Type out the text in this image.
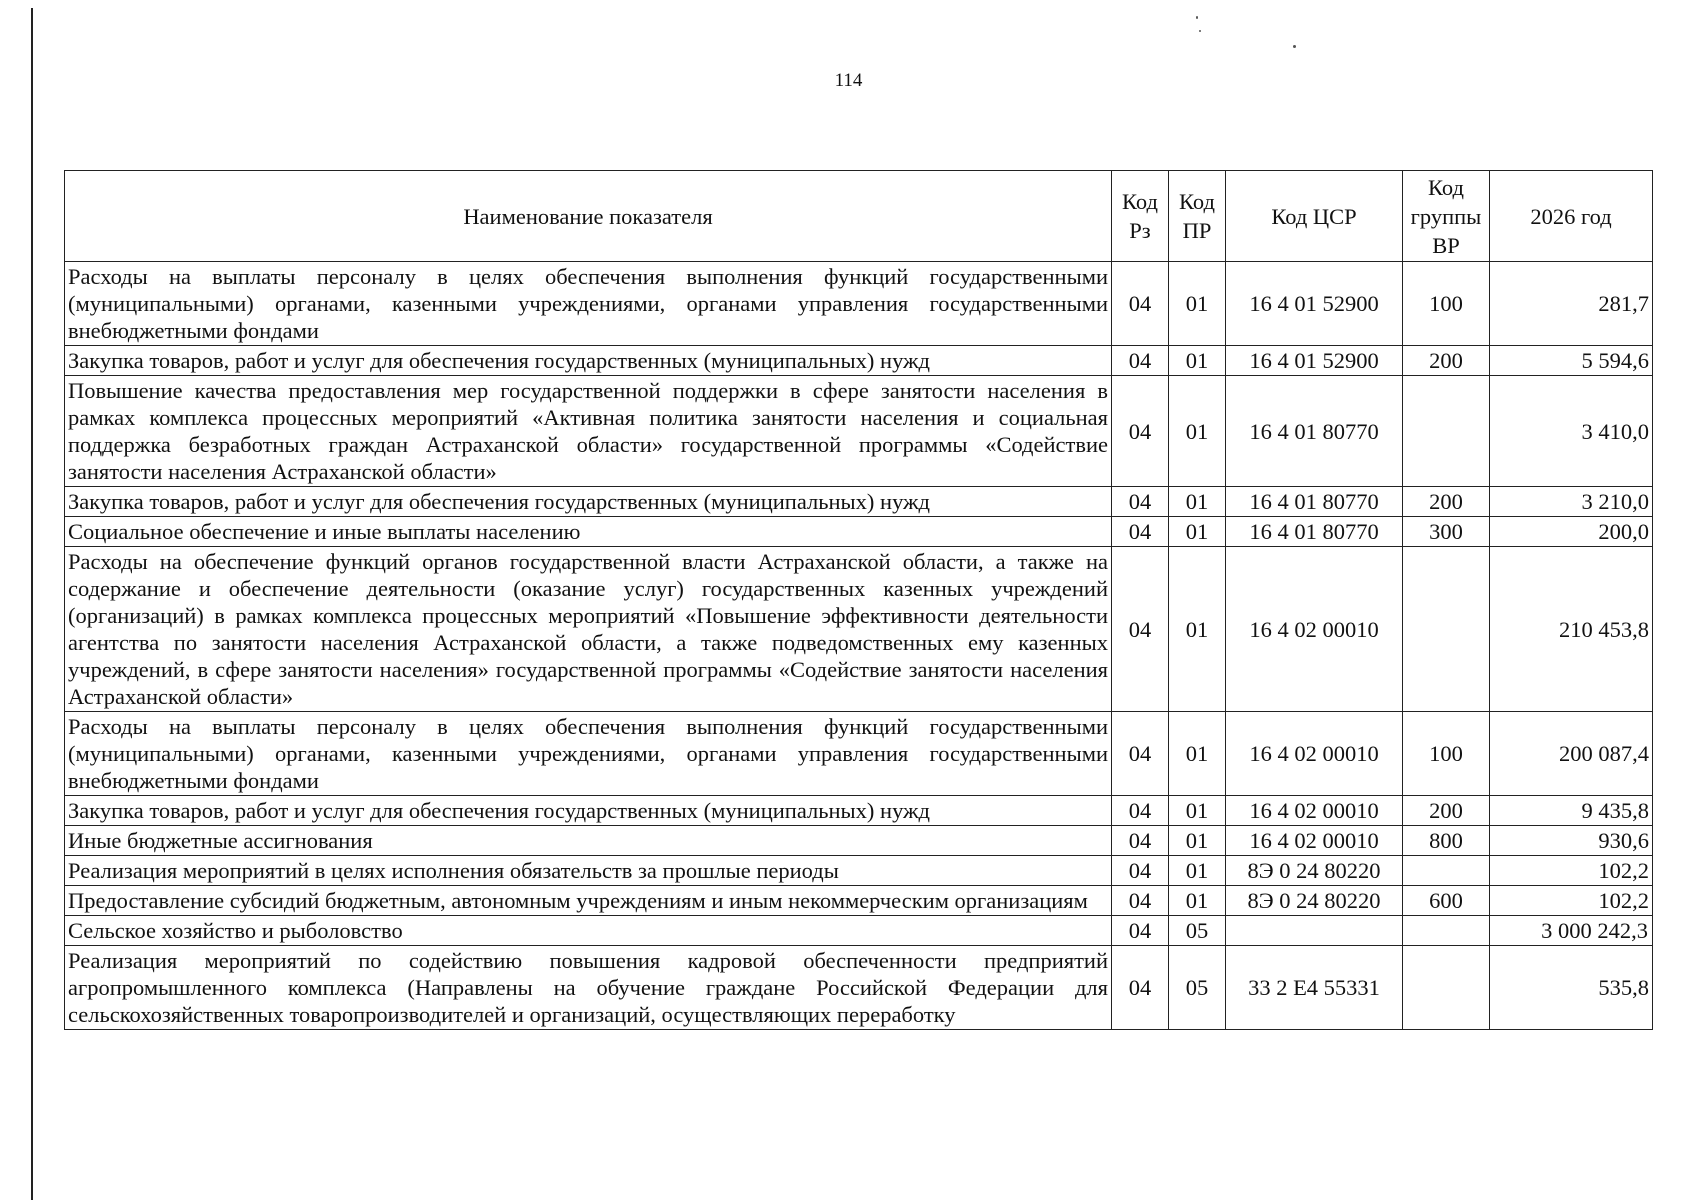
114
Наименование показателя	Код Рз	Код ПР	Код ЦСР	Код группы ВР	2026 год
Расходы на выплаты персоналу в целях обеспечения выполнения функций государственными (муниципальными) органами, казенными учреждениями, органами управления государственными внебюджетными фондами	04	01	16 4 01 52900	100	281,7
Закупка товаров, работ и услуг для обеспечения государственных (муниципальных) нужд	04	01	16 4 01 52900	200	5 594,6
Повышение качества предоставления мер государственной поддержки в сфере занятости населения в рамках комплекса процессных мероприятий «Активная политика занятости населения и социальная поддержка безработных граждан Астраханской области» государственной программы «Содействие занятости населения Астраханской области»	04	01	16 4 01 80770		3 410,0
Закупка товаров, работ и услуг для обеспечения государственных (муниципальных) нужд	04	01	16 4 01 80770	200	3 210,0
Социальное обеспечение и иные выплаты населению	04	01	16 4 01 80770	300	200,0
Расходы на обеспечение функций органов государственной власти Астраханской области, а также на содержание и обеспечение деятельности (оказание услуг) государственных казенных учреждений (организаций) в рамках комплекса процессных мероприятий «Повышение эффективности деятельности агентства по занятости населения Астраханской области, а также подведомственных ему казенных учреждений, в сфере занятости населения» государственной программы «Содействие занятости населения Астраханской области»	04	01	16 4 02 00010		210 453,8
Расходы на выплаты персоналу в целях обеспечения выполнения функций государственными (муниципальными) органами, казенными учреждениями, органами управления государственными внебюджетными фондами	04	01	16 4 02 00010	100	200 087,4
Закупка товаров, работ и услуг для обеспечения государственных (муниципальных) нужд	04	01	16 4 02 00010	200	9 435,8
Иные бюджетные ассигнования	04	01	16 4 02 00010	800	930,6
Реализация мероприятий в целях исполнения обязательств за прошлые периоды	04	01	8Э 0 24 80220		102,2
Предоставление субсидий бюджетным, автономным учреждениям и иным некоммерческим организациям	04	01	8Э 0 24 80220	600	102,2
Сельское хозяйство и рыболовство	04	05			3 000 242,3
Реализация мероприятий по содействию повышения кадровой обеспеченности предприятий агропромышленного комплекса (Направлены на обучение граждане Российской Федерации для сельскохозяйственных товаропроизводителей и организаций, осуществляющих переработку	04	05	33 2 Е4 55331		535,8
